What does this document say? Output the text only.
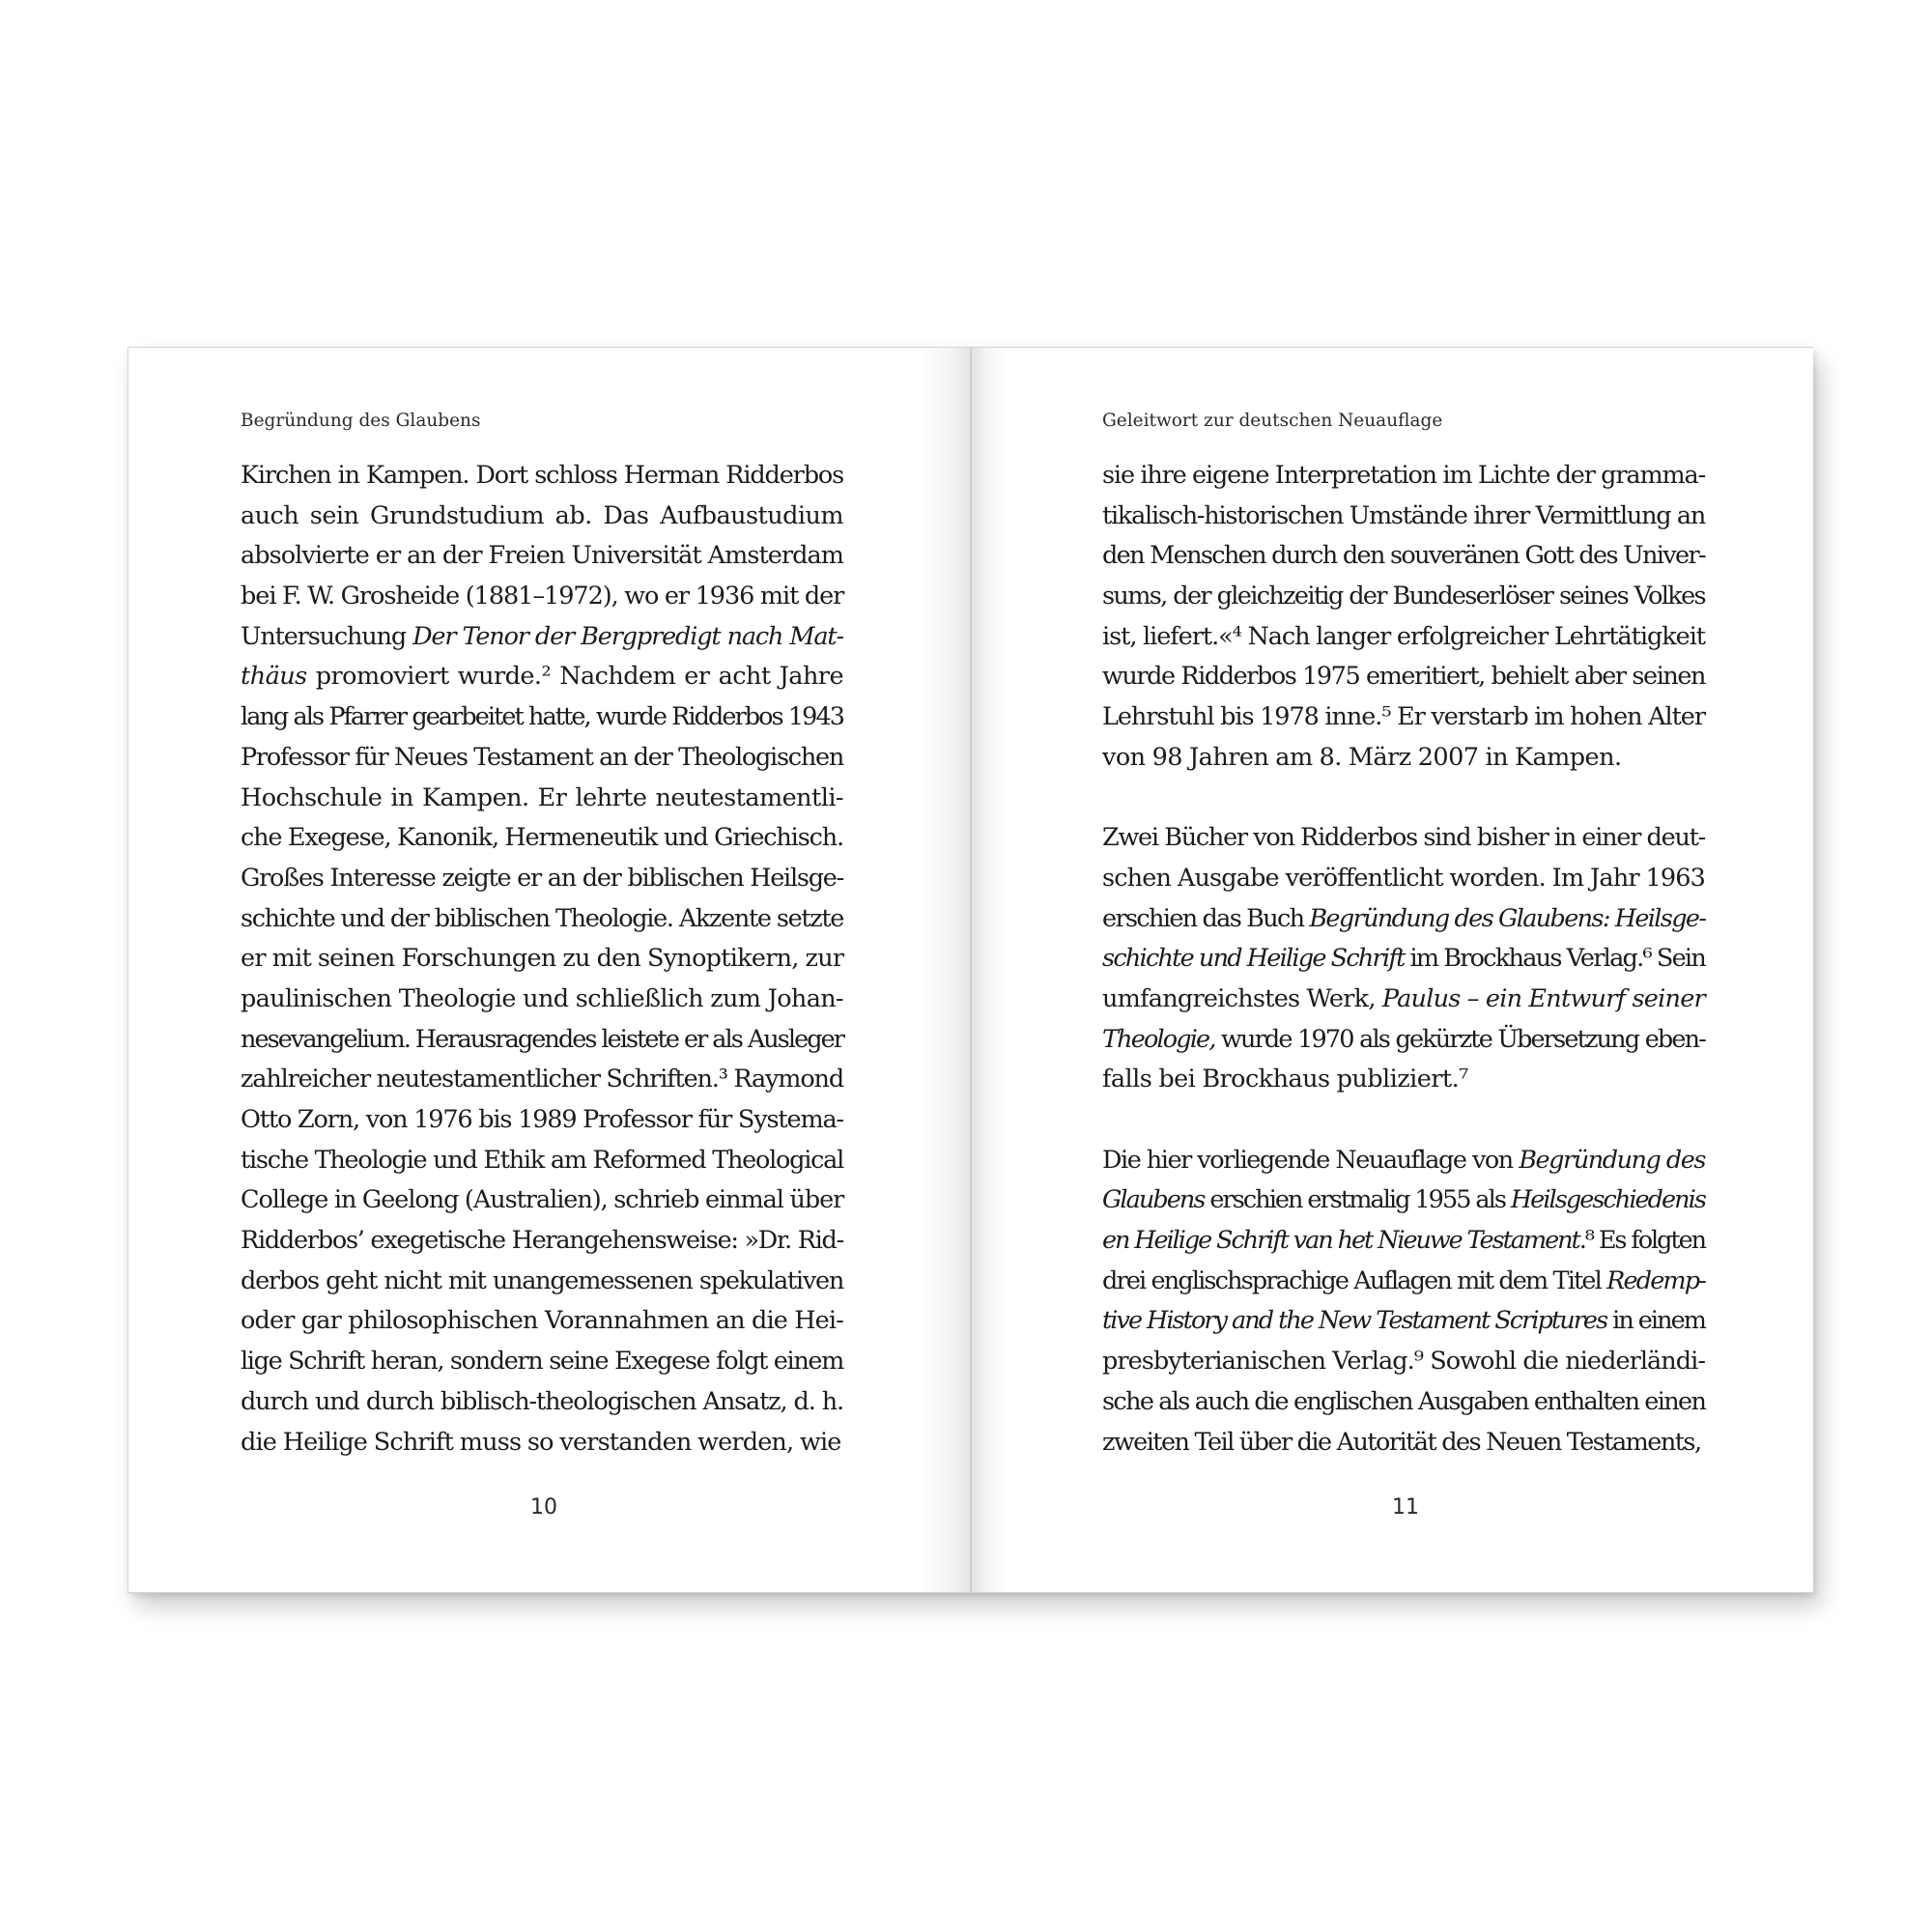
Begründung des Glaubens
Kirchen in Kampen. Dort schloss Herman Ridderbos
auch sein Grundstudium ab. Das Aufbaustudium
absolvierte er an der Freien Universität Amsterdam
bei F. W. Grosheide (1881–1972), wo er 1936 mit der
Untersuchung Der Tenor der Bergpredigt nach Mat-
thäus promoviert wurde.² Nachdem er acht Jahre
lang als Pfarrer gearbeitet hatte, wurde Ridderbos 1943
Professor für Neues Testament an der Theologischen
Hochschule in Kampen. Er lehrte neutestamentli-
che Exegese, Kanonik, Hermeneutik und Griechisch.
Großes Interesse zeigte er an der biblischen Heilsge-
schichte und der biblischen Theologie. Akzente setzte
er mit seinen Forschungen zu den Synoptikern, zur
paulinischen Theologie und schließlich zum Johan-
nesevangelium. Herausragendes leistete er als Ausleger
zahlreicher neutestamentlicher Schriften.³ Raymond
Otto Zorn, von 1976 bis 1989 Professor für Systema-
tische Theologie und Ethik am Reformed Theological
College in Geelong (Australien), schrieb einmal über
Ridderbos’ exegetische Herangehensweise: »Dr. Rid-
derbos geht nicht mit unangemessenen spekulativen
oder gar philosophischen Vorannahmen an die Hei-
lige Schrift heran, sondern seine Exegese folgt einem
durch und durch biblisch-theologischen Ansatz, d. h.
die Heilige Schrift muss so verstanden werden, wie
10
Geleitwort zur deutschen Neuauflage
sie ihre eigene Interpretation im Lichte der gramma-
tikalisch-historischen Umstände ihrer Vermittlung an
den Menschen durch den souveränen Gott des Univer-
sums, der gleichzeitig der Bundeserlöser seines Volkes
ist, liefert.«⁴ Nach langer erfolgreicher Lehrtätigkeit
wurde Ridderbos 1975 emeritiert, behielt aber seinen
Lehrstuhl bis 1978 inne.⁵ Er verstarb im hohen Alter
von 98 Jahren am 8. März 2007 in Kampen.
Zwei Bücher von Ridderbos sind bisher in einer deut-
schen Ausgabe veröffentlicht worden. Im Jahr 1963
erschien das Buch Begründung des Glaubens: Heilsge-
schichte und Heilige Schrift im Brockhaus Verlag.⁶ Sein
umfangreichstes Werk, Paulus – ein Entwurf seiner
Theologie, wurde 1970 als gekürzte Übersetzung eben-
falls bei Brockhaus publiziert.⁷
Die hier vorliegende Neuauflage von Begründung des
Glaubens erschien erstmalig 1955 als Heilsgeschiedenis
en Heilige Schrift van het Nieuwe Testament.⁸ Es folgten
drei englischsprachige Auflagen mit dem Titel Redemp-
tive History and the New Testament Scriptures in einem
presbyterianischen Verlag.⁹ Sowohl die niederländi-
sche als auch die englischen Ausgaben enthalten einen
zweiten Teil über die Autorität des Neuen Testaments,
11
